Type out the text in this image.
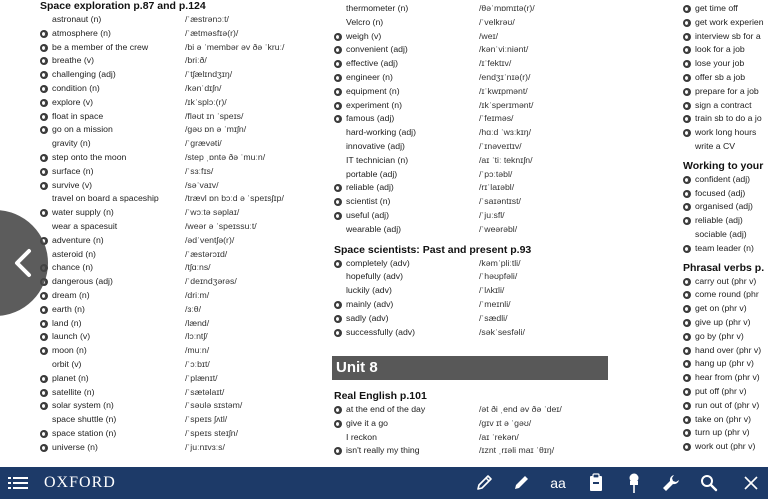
Space exploration p.87 and p.124
astronaut (n)	/ˈæstrənɔːt/
atmosphere (n)	/ˈætməsfɪə(r)/
be a member of the crew	/bi ə ˈmembər əv ðə ˈkruː/
breathe (v)	/briːð/
challenging (adj)	/ˈtʃælɪndʒɪŋ/
condition (n)	/kənˈdɪʃn/
explore (v)	/ɪkˈsplɔː(r)/
float in space	/fləʊt ɪn ˈspeɪs/
go on a mission	/gəʊ ɒn ə ˈmɪʃn/
gravity (n)	/ˈgrævəti/
step onto the moon	/step ˌɒntə ðə ˈmuːn/
surface (n)	/ˈsɜːfɪs/
survive (v)	/səˈvaɪv/
travel on board a spaceship	/trævl ɒn bɔːd ə ˈspeɪsʃɪp/
water supply (n)	/ˈwɔːtə səplaɪ/
wear a spacesuit	/weər ə ˈspeɪssuːt/
adventure (n)	/ədˈventʃə(r)/
asteroid (n)	/ˈæstərɔɪd/
chance (n)	/tʃɑːns/
dangerous (adj)	/ˈdeɪndʒərəs/
dream (n)	/driːm/
earth (n)	/ɜːθ/
land (n)	/lænd/
launch (v)	/lɔːntʃ/
moon (n)	/muːn/
orbit (v)	/ˈɔːbɪt/
planet (n)	/ˈplænɪt/
satellite (n)	/ˈsætəlaɪt/
solar system (n)	/ˈsəʊlə sɪstəm/
space shuttle (n)	/ˈspeɪs ʃʌtl/
space station (n)	/ˈspeɪs steɪʃn/
universe (n)	/ˈjuːnɪvɜːs/
thermometer (n)	/θəˈmɒmɪtə(r)/
Velcro (n)	/ˈvelkrəʊ/
weigh (v)	/weɪ/
convenient (adj)	/kənˈviːniənt/
effective (adj)	/ɪˈfektɪv/
engineer (n)	/endʒɪˈnɪə(r)/
equipment (n)	/ɪˈkwɪpmənt/
experiment (n)	/ɪkˈsperɪmənt/
famous (adj)	/ˈfeɪməs/
hard-working (adj)	/hɑːd ˈwɜːkɪŋ/
innovative (adj)	/ˈɪnəveɪtɪv/
IT technician (n)	/aɪ ˈtiː teknɪʃn/
portable (adj)	/ˈpɔːtəbl/
reliable (adj)	/rɪˈlaɪəbl/
scientist (n)	/ˈsaɪəntɪst/
useful (adj)	/ˈjuːsfl/
wearable (adj)	/ˈweərəbl/
Space scientists: Past and present p.93
completely (adv)	/kəmˈpliːtli/
hopefully (adv)	/ˈhəʊpfəli/
luckily (adv)	/ˈlʌkɪli/
mainly (adv)	/ˈmeɪnli/
sadly (adv)	/ˈsædli/
successfully (adv)	/səkˈsesfəli/
Unit 8
Real English p.101
at the end of the day	/ət ði ˌend əv ðə ˈdeɪ/
give it a go	/gɪv ɪt ə ˈgəʊ/
I reckon	/aɪ ˈrekən/
isn't really my thing	/ɪznt ˌrɪəli maɪ ˈθɪŋ/
get time off
get work experien
interview sb for a
look for a job
lose your job
offer sb a job
prepare for a job
sign a contract
train sb to do a jo
work long hours
write a CV
Working to your
confident (adj)
focused (adj)
organised (adj)
reliable (adj)
sociable (adj)
team leader (n)
Phrasal verbs p.
carry out (phr v)
come round (phr
get on (phr v)
give up (phr v)
go by (phr v)
hand over (phr v)
hang up (phr v)
hear from (phr v)
put off (phr v)
run out of (phr v)
take on (phr v)
turn up (phr v)
work out (phr v)
OXFORD	aa
